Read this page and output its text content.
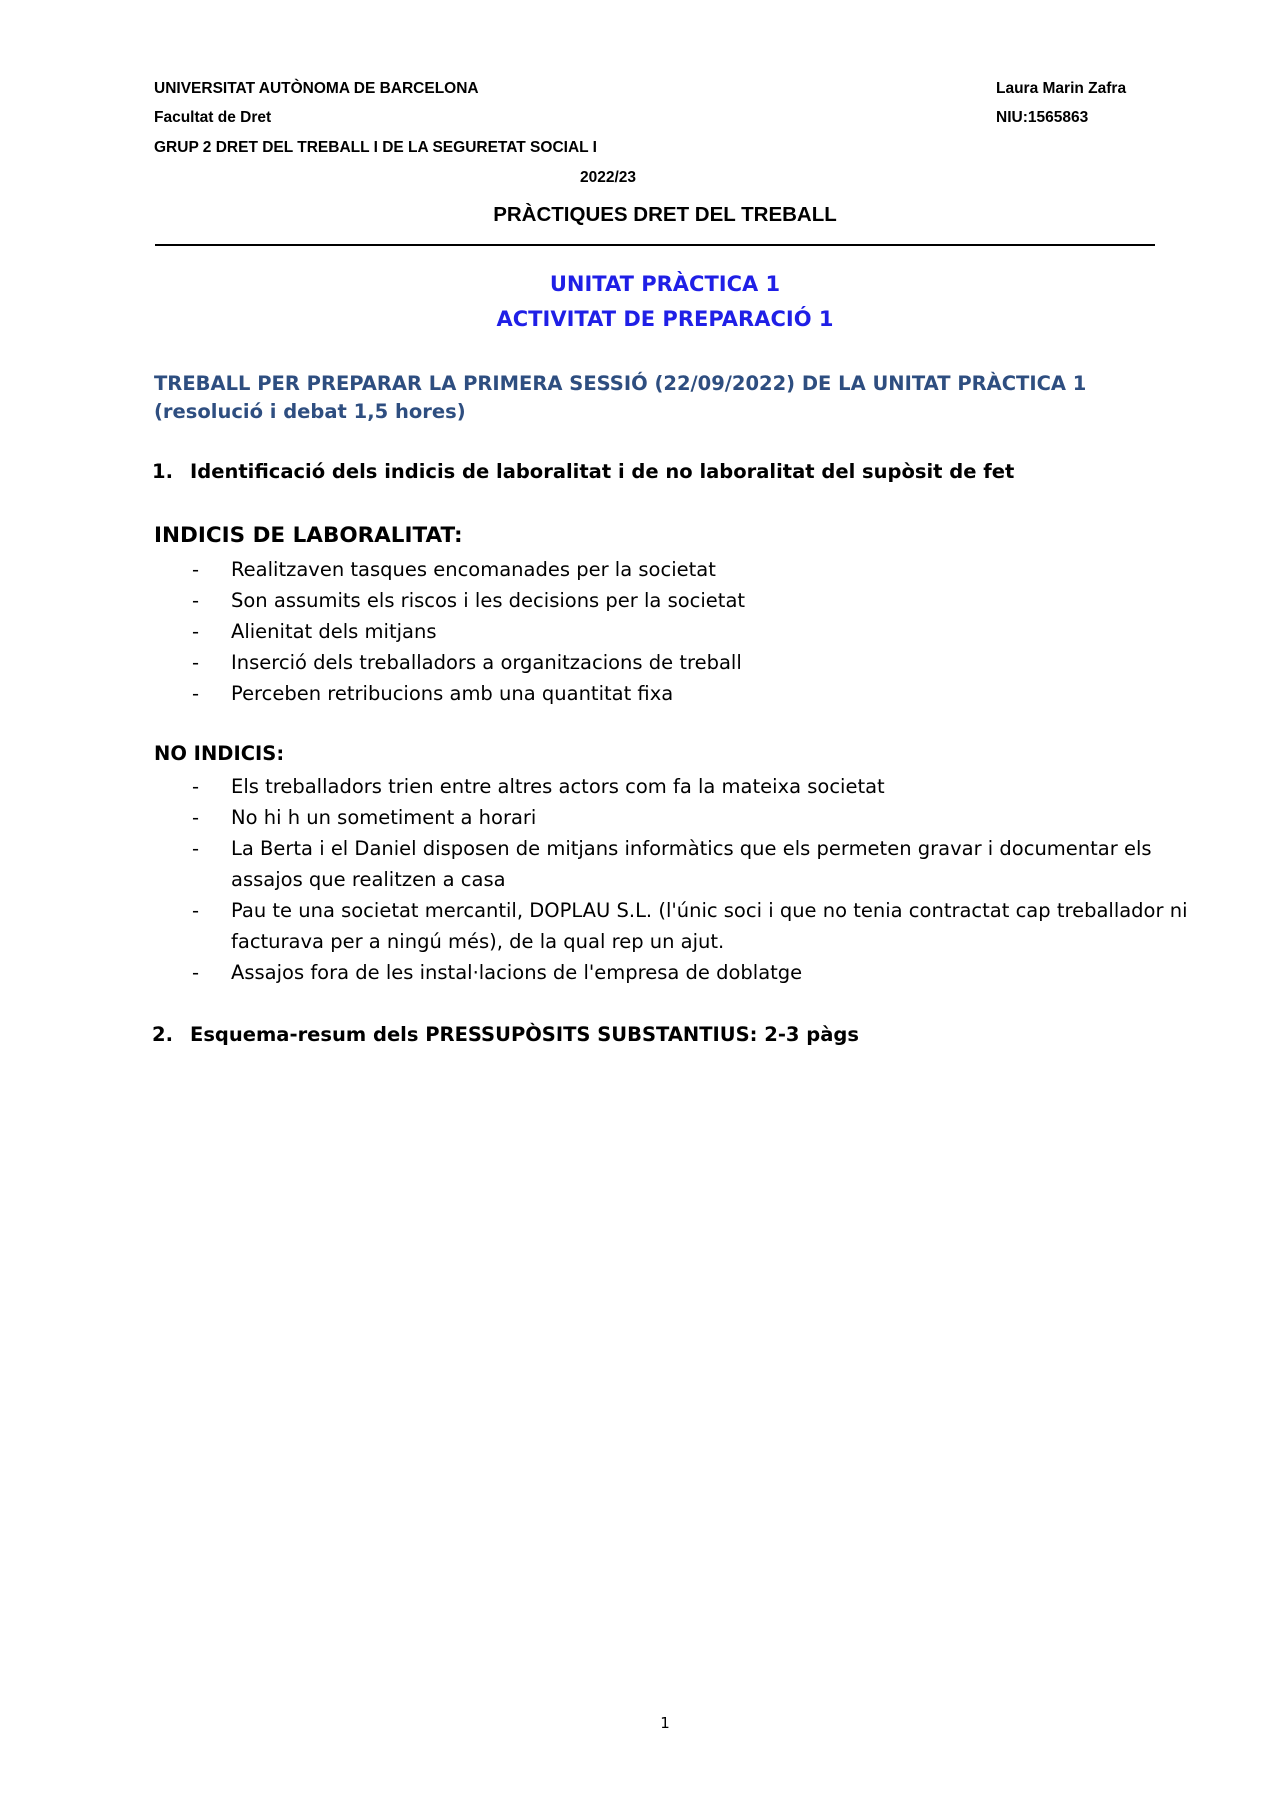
UNIVERSITAT AUTÒNOMA DE BARCELONA
Facultat de Dret
GRUP 2 DRET DEL TREBALL I DE LA SEGURETAT SOCIAL I
2022/23
Laura Marin Zafra
NIU:1565863
PRÀCTIQUES DRET DEL TREBALL
UNITAT PRÀCTICA 1
ACTIVITAT DE PREPARACIÓ 1
TREBALL PER PREPARAR LA PRIMERA SESSIÓ (22/09/2022) DE LA UNITAT PRÀCTICA 1 (resolució i debat 1,5 hores)
1. Identificació dels indicis de laboralitat i de no laboralitat del supòsit de fet
INDICIS DE LABORALITAT:
- Realitzaven tasques encomanades per la societat
- Son assumits els riscos i les decisions per la societat
- Alienitat dels mitjans
- Inserció dels treballadors a organitzacions de treball
- Perceben retribucions amb una quantitat fixa
NO INDICIS:
- Els treballadors trien entre altres actors com fa la mateixa societat
- No hi h un sometiment a horari
- La Berta i el Daniel disposen de mitjans informàtics que els permeten gravar i documentar els assajos que realitzen a casa
- Pau te una societat mercantil, DOPLAU S.L. (l'únic soci i que no tenia contractat cap treballador ni facturava per a ningú més), de la qual rep un ajut.
- Assajos fora de les instal·lacions de l'empresa de doblatge
2. Esquema-resum dels PRESSUPÒSITS SUBSTANTIUS: 2-3 pàgs
1
